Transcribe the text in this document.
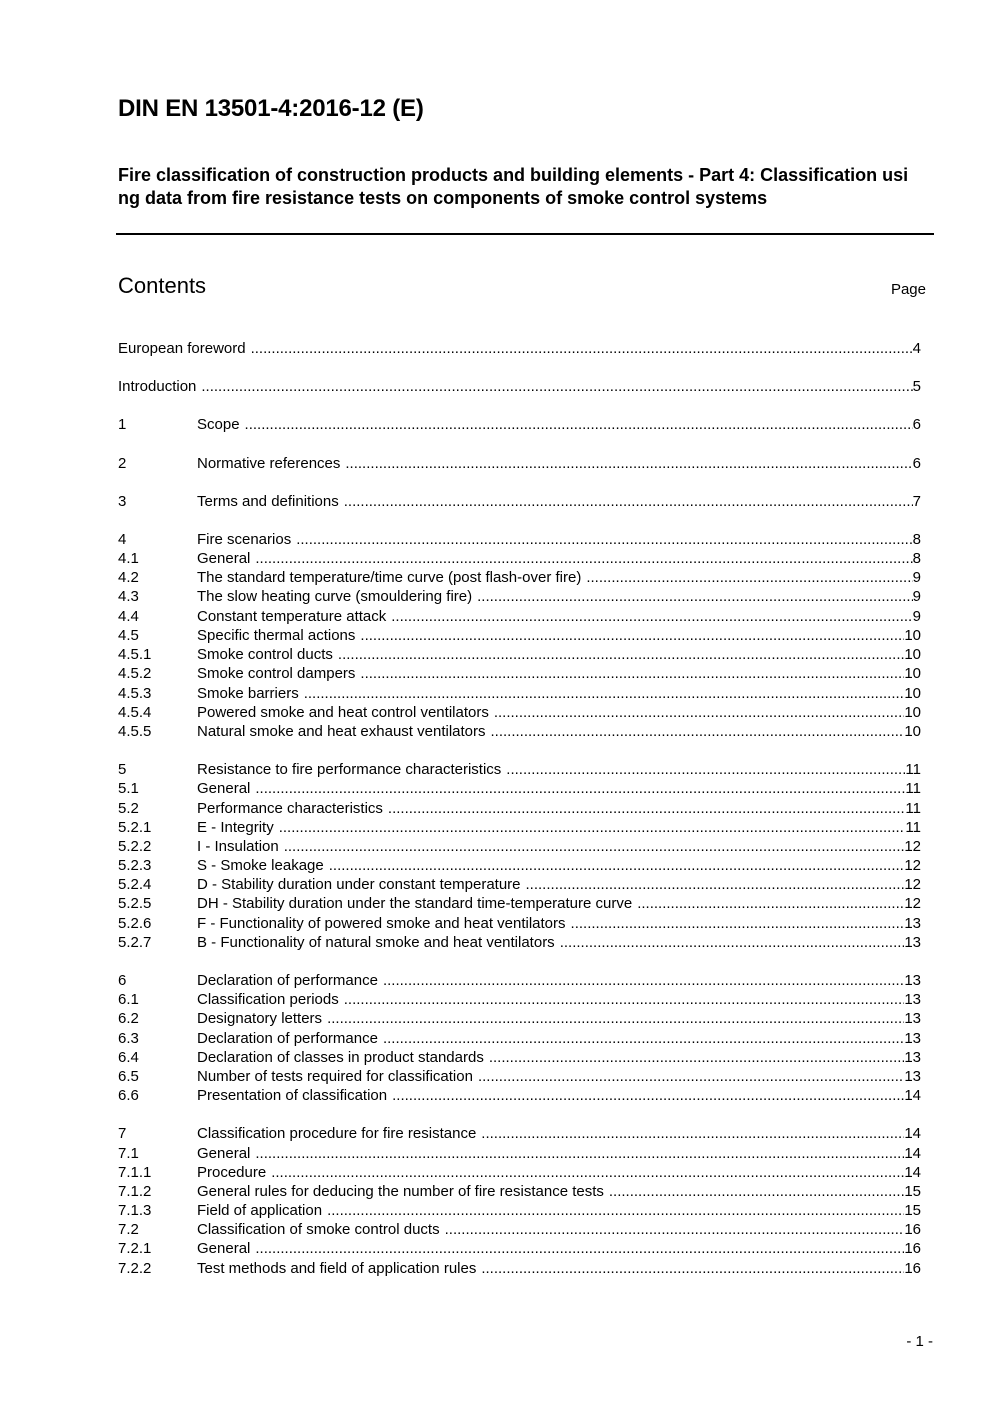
DIN EN 13501-4:2016-12 (E)
Fire classification of construction products and building elements - Part 4: Classification using data from fire resistance tests on components of smoke control systems
Contents	Page
European foreword .....	4
Introduction .....	5
1	Scope .....	6
2	Normative references .....	6
3	Terms and definitions .....	7
4	Fire scenarios .....	8
4.1	General .....	8
4.2	The standard temperature/time curve (post flash-over fire) .....	9
4.3	The slow heating curve (smouldering fire) .....	9
4.4	Constant temperature attack .....	9
4.5	Specific thermal actions .....	10
4.5.1	Smoke control ducts .....	10
4.5.2	Smoke control dampers .....	10
4.5.3	Smoke barriers .....	10
4.5.4	Powered smoke and heat control ventilators .....	10
4.5.5	Natural smoke and heat exhaust ventilators .....	10
5	Resistance to fire performance characteristics .....	11
5.1	General .....	11
5.2	Performance characteristics .....	11
5.2.1	E - Integrity .....	11
5.2.2	I - Insulation .....	12
5.2.3	S - Smoke leakage .....	12
5.2.4	D - Stability duration under constant temperature .....	12
5.2.5	DH - Stability duration under the standard time-temperature curve .....	12
5.2.6	F - Functionality of powered smoke and heat ventilators .....	13
5.2.7	B - Functionality of natural smoke and heat ventilators .....	13
6	Declaration of performance .....	13
6.1	Classification periods .....	13
6.2	Designatory letters .....	13
6.3	Declaration of performance .....	13
6.4	Declaration of classes in product standards .....	13
6.5	Number of tests required for classification .....	13
6.6	Presentation of classification .....	14
7	Classification procedure for fire resistance .....	14
7.1	General .....	14
7.1.1	Procedure .....	14
7.1.2	General rules for deducing the number of fire resistance tests .....	15
7.1.3	Field of application .....	15
7.2	Classification of smoke control ducts .....	16
7.2.1	General .....	16
7.2.2	Test methods and field of application rules .....	16
- 1 -
